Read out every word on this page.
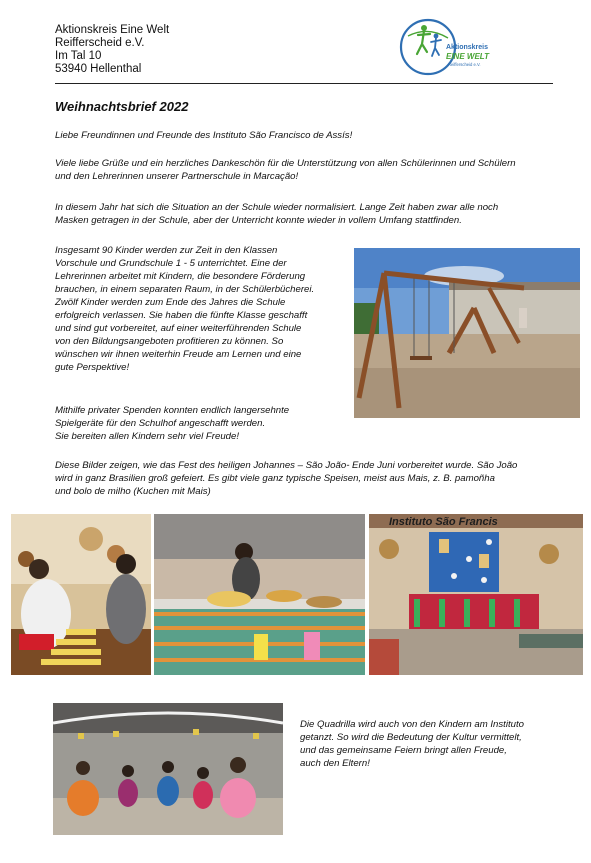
Aktionskreis Eine Welt
Reifferscheid e.V.
Im Tal 10
53940 Hellenthal
Aktionskreis
EINE WELT
Reifferscheid e.V.
Weihnachtsbrief 2022
Liebe Freundinnen und Freunde des Instituto São Francisco de Assís!
Viele liebe Grüße und ein herzliches Dankeschön für die Unterstützung von allen Schülerinnen und Schülern
und den Lehrerinnen unserer Partnerschule in Marcação!
In diesem Jahr hat sich die Situation an der Schule wieder normalisiert. Lange Zeit haben zwar alle noch
Masken getragen in der Schule, aber der Unterricht konnte wieder in vollem Umfang stattfinden.
Insgesamt 90 Kinder werden zur Zeit in den Klassen
Vorschule und Grundschule 1 - 5 unterrichtet. Eine der
Lehrerinnen arbeitet mit Kindern, die besondere Förderung
brauchen, in einem separaten Raum, in der Schülerbücherei.
Zwölf Kinder werden zum Ende des Jahres die Schule
erfolgreich verlassen. Sie haben die fünfte Klasse geschafft
und sind gut vorbereitet, auf einer weiterführenden Schule
von den Bildungsangeboten profitieren zu können. So
wünschen wir ihnen weiterhin Freude am Lernen und eine
gute Perspektive!
Mithilfe privater Spenden konnten endlich langersehnte
Spielgeräte für den Schulhof angeschafft werden.
Sie bereiten allen Kindern sehr viel Freude!
Diese Bilder zeigen, wie das Fest des heiligen Johannes – São João- Ende Juni vorbereitet wurde. São João
wird in ganz Brasilien groß gefeiert. Es gibt viele ganz typische Speisen, meist aus Mais, z. B. pamoñha
und bolo de milho (Kuchen mit Mais)
Die Quadrilla wird auch von den Kindern am Instituto
getanzt. So wird die Bedeutung der Kultur vermittelt,
und das gemeinsame Feiern bringt allen Freude,
auch den Eltern!
Instituto São Francis
